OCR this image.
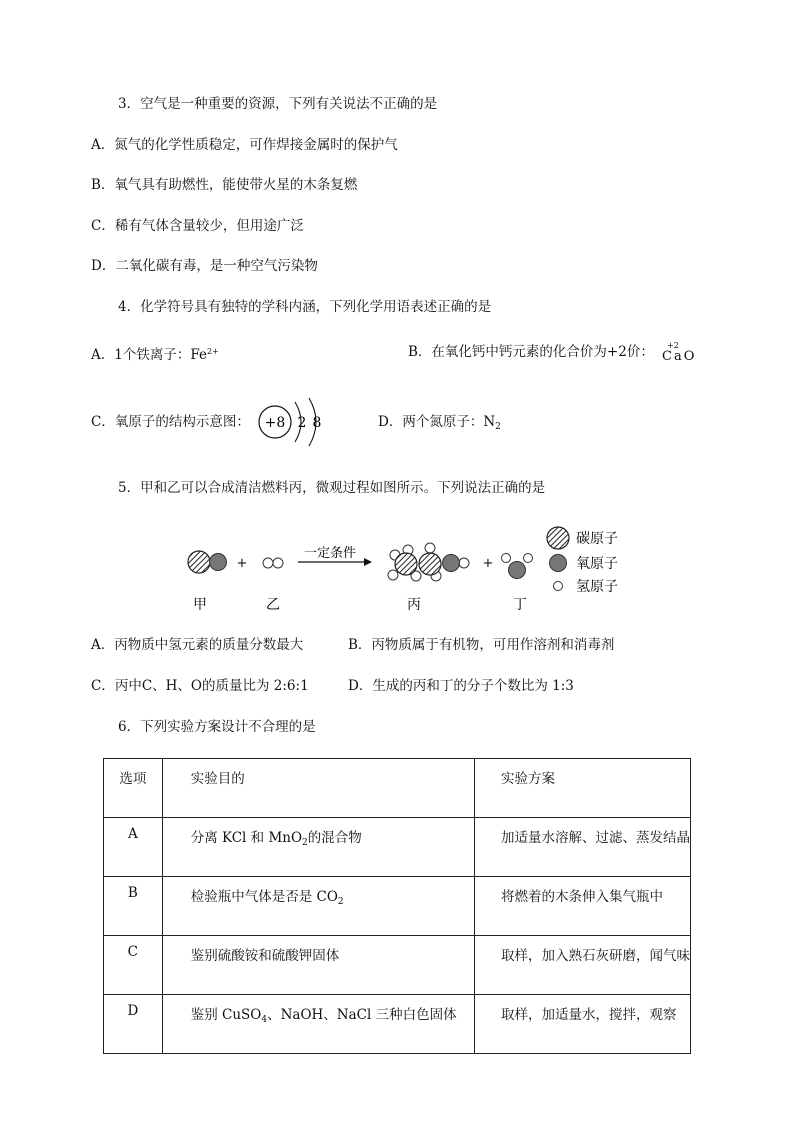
3．空气是一种重要的资源，下列有关说法不正确的是
A．氮气的化学性质稳定，可作焊接金属时的保护气
B．氧气具有助燃性，能使带火星的木条复燃
C．稀有气体含量较少，但用途广泛
D．二氧化碳有毒，是一种空气污染物
4．化学符号具有独特的学科内涵，下列化学用语表述正确的是
A．1个铁离子：$Fe^{2+}$	B．在氧化钙中钙元素的化合价为+2价： +2
CaO
C．氧原子的结构示意图： +8 2 8	D．两个氮原子：$N_2$
5．甲和乙可以合成清洁燃料丙，微观过程如图所示。下列说法正确的是
+
一定条件
+
甲	乙	丙	丁
碳原子
氧原子
氢原子
A．丙物质中氢元素的质量分数最大	B．丙物质属于有机物，可用作溶剂和消毒剂
C．丙中C、H、O的质量比为 2:6:1	D．生成的丙和丁的分子个数比为 1:3
6．下列实验方案设计不合理的是
选项	实验目的	实验方案
A	分离 KCl 和 MnO$_2$的混合物	加适量水溶解、过滤、蒸发结晶
B	检验瓶中气体是否是 $CO_2$	将燃着的木条伸入集气瓶中
C	鉴别硫酸铵和硫酸钾固体	取样，加入熟石灰研磨，闻气味
D	鉴别 CuSO$_4$、NaOH、NaCl 三种白色固体	取样，加适量水，搅拌，观察
